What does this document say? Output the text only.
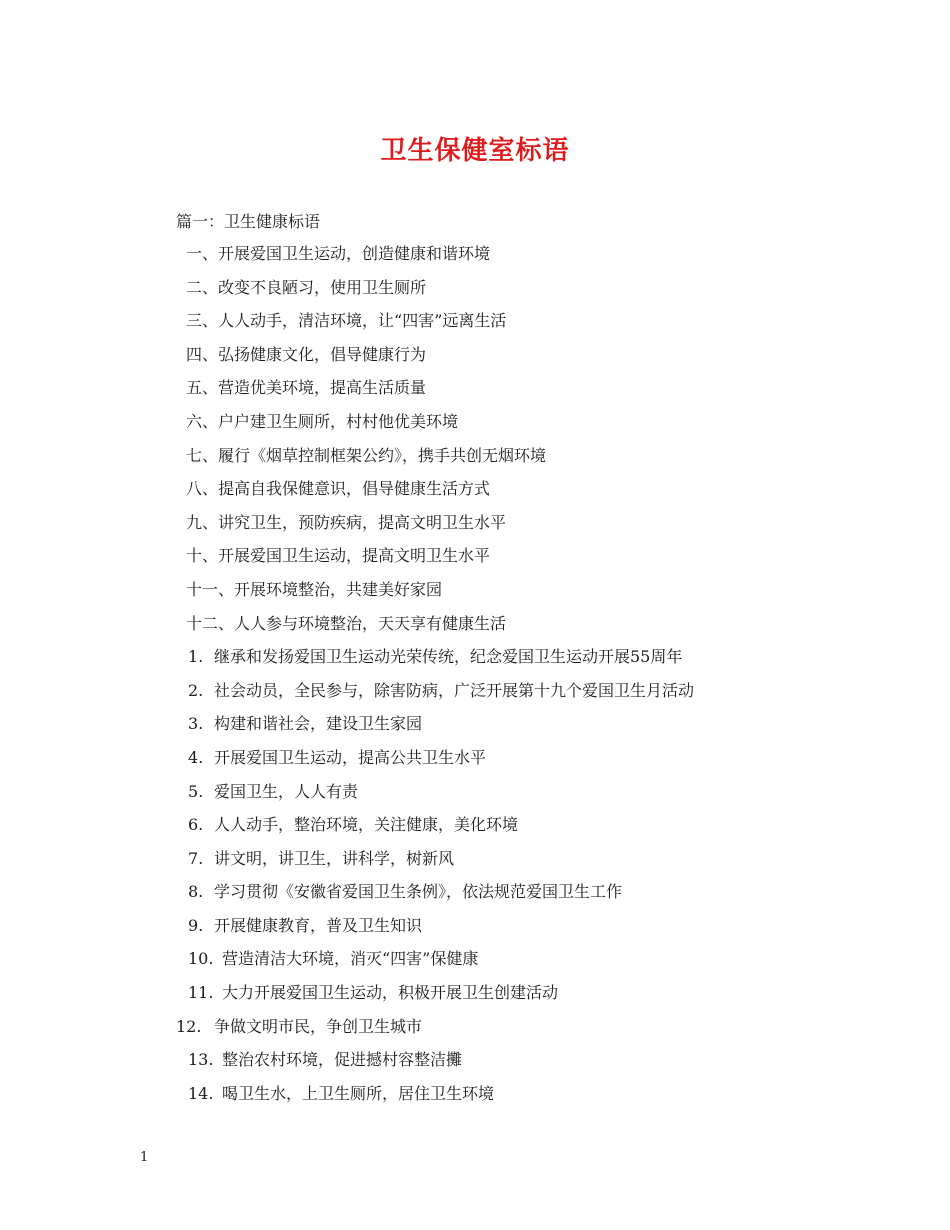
卫生保健室标语
篇一：卫生健康标语
一、开展爱国卫生运动，创造健康和谐环境
二、改变不良陋习，使用卫生厕所
三、人人动手，清洁环境，让“四害”远离生活
四、弘扬健康文化，倡导健康行为
五、营造优美环境，提高生活质量
六、户户建卫生厕所，村村他优美环境
七、履行《烟草控制框架公约》，携手共创无烟环境
八、提高自我保健意识，倡导健康生活方式
九、讲究卫生，预防疾病，提高文明卫生水平
十、开展爱国卫生运动，提高文明卫生水平
十一、开展环境整治，共建美好家园
十二、人人参与环境整治，天天享有健康生活
1. 继承和发扬爱国卫生运动光荣传统，纪念爱国卫生运动开展55周年
2. 社会动员，全民参与，除害防病，广泛开展第十九个爱国卫生月活动
3. 构建和谐社会，建设卫生家园
4. 开展爱国卫生运动，提高公共卫生水平
5. 爱国卫生，人人有责
6. 人人动手，整治环境，关注健康，美化环境
7. 讲文明，讲卫生，讲科学，树新风
8. 学习贯彻《安徽省爱国卫生条例》，依法规范爱国卫生工作
9. 开展健康教育，普及卫生知识
10. 营造清洁大环境，消灭“四害”保健康
11. 大力开展爱国卫生运动，积极开展卫生创建活动
12. 争做文明市民，争创卫生城市
13. 整治农村环境，促进撼村容整洁攤
14. 喝卫生水，上卫生厕所，居住卫生环境
1
